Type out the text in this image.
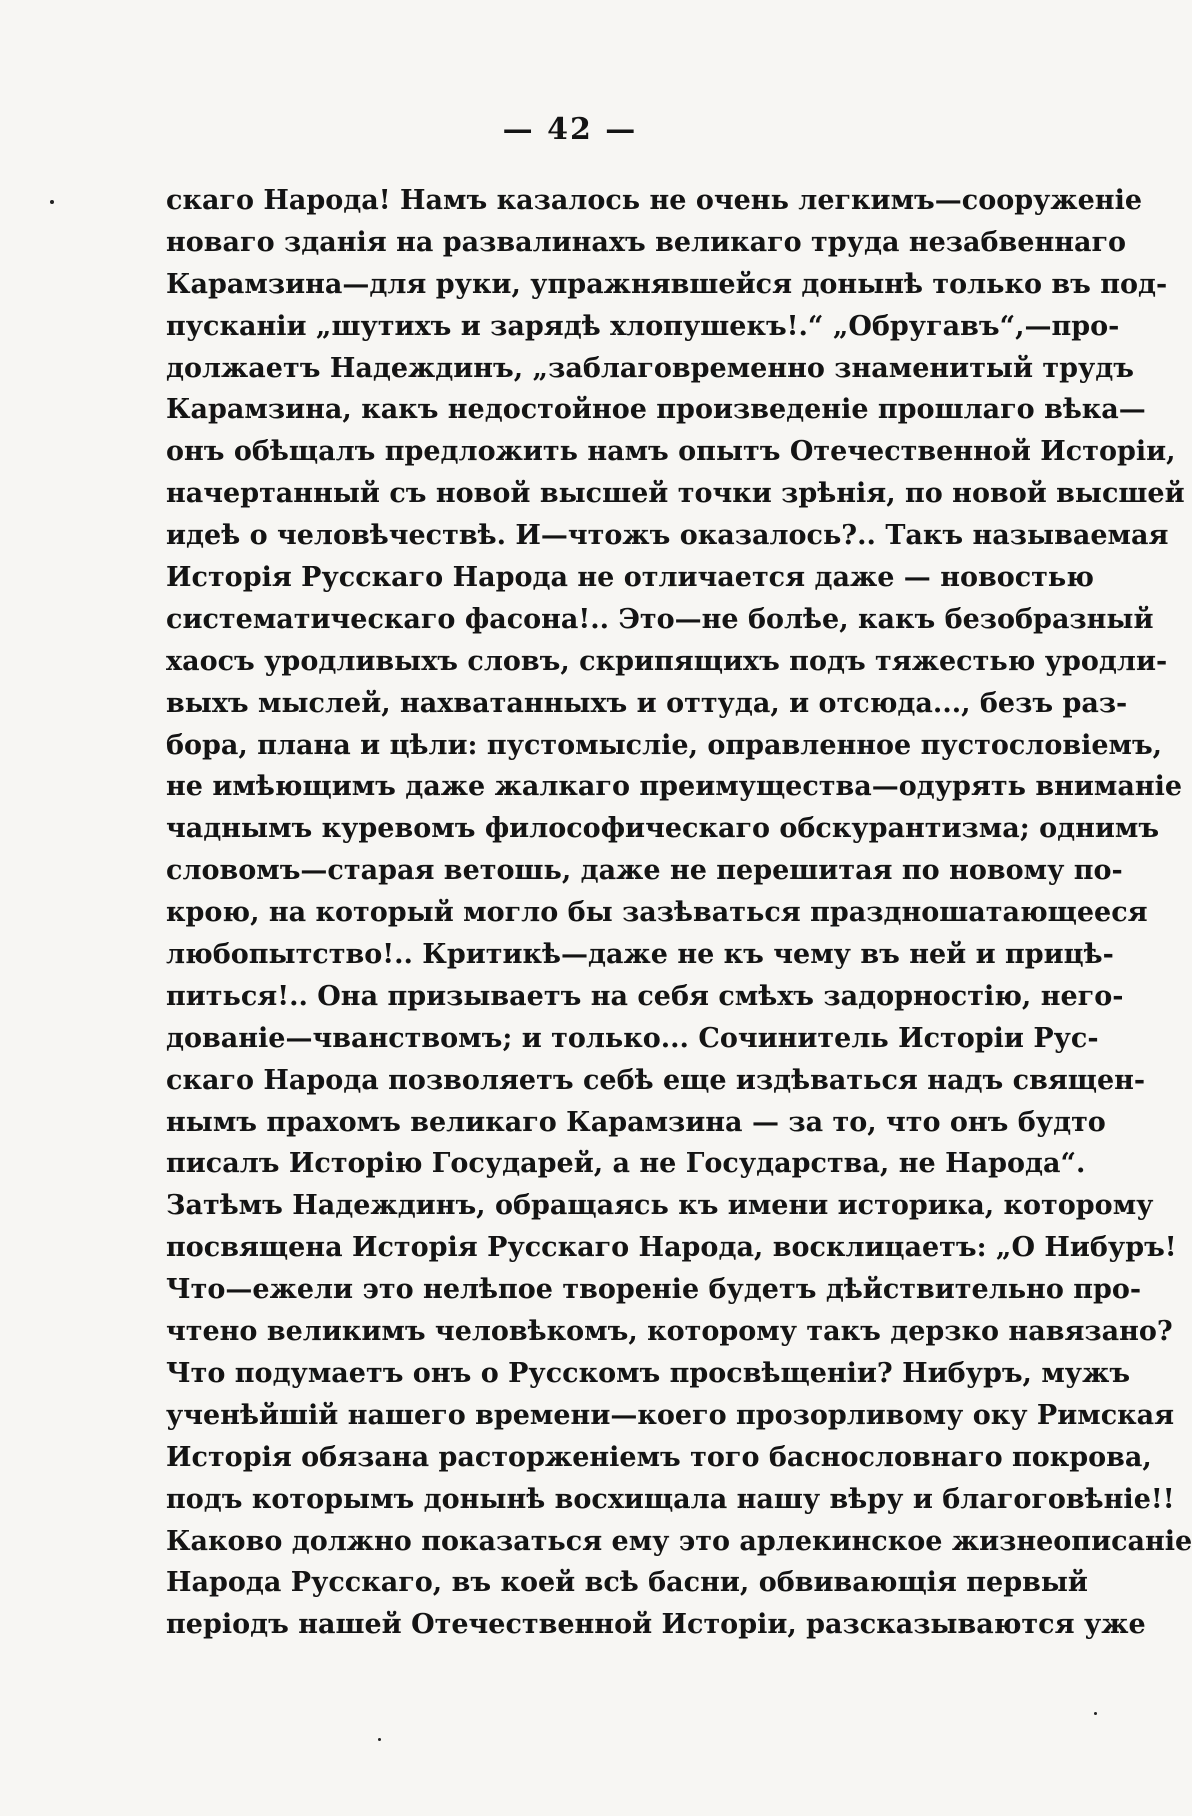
— 42 —
скаго Народа! Намъ казалось не очень легкимъ—сооруженіе
новаго зданія на развалинахъ великаго труда незабвеннаго
Карамзина—для руки, упражнявшейся донынѣ только въ под-
пусканіи „шутихъ и зарядѣ хлопушекъ!.“ „Обругавъ“,—про-
должаетъ Надеждинъ, „заблаговременно знаменитый трудъ
Карамзина, какъ недостойное произведеніе прошлаго вѣка—
онъ обѣщалъ предложить намъ опытъ Отечественной Исторіи,
начертанный съ новой высшей точки зрѣнія, по новой высшей
идеѣ о человѣчествѣ. И—чтожъ оказалось?.. Такъ называемая
Исторія Русскаго Народа не отличается даже — новостью
систематическаго фасона!.. Это—не болѣе, какъ безобразный
хаосъ уродливыхъ словъ, скрипящихъ подъ тяжестью уродли-
выхъ мыслей, нахватанныхъ и оттуда, и отсюда..., безъ раз-
бора, плана и цѣли: пустомысліе, оправленное пустословіемъ,
не имѣющимъ даже жалкаго преимущества—одурять вниманіе
чаднымъ куревомъ философическаго обскурантизма; однимъ
словомъ—старая ветошь, даже не перешитая по новому по-
крою, на который могло бы зазѣваться праздношатающееся
любопытство!.. Критикѣ—даже не къ чему въ ней и прицѣ-
питься!.. Она призываетъ на себя смѣхъ задорностію, него-
дованіе—чванствомъ; и только... Сочинитель Исторіи Рус-
скаго Народа позволяетъ себѣ еще издѣваться надъ священ-
нымъ прахомъ великаго Карамзина — за то, что онъ будто
писалъ Исторію Государей, а не Государства, не Народа“.
Затѣмъ Надеждинъ, обращаясь къ имени историка, которому
посвящена Исторія Русскаго Народа, восклицаетъ: „О Нибуръ!
Что—ежели это нелѣпое твореніе будетъ дѣйствительно про-
чтено великимъ человѣкомъ, которому такъ дерзко навязано?
Что подумаетъ онъ о Русскомъ просвѣщеніи? Нибуръ, мужъ
ученѣйшій нашего времени—коего прозорливому оку Римская
Исторія обязана расторженіемъ того баснословнаго покрова,
подъ которымъ донынѣ восхищала нашу вѣру и благоговѣніе!!
Каково должно показаться ему это арлекинское жизнеописаніе
Народа Русскаго, въ коей всѣ басни, обвивающія первый
періодъ нашей Отечественной Исторіи, разсказываются уже
